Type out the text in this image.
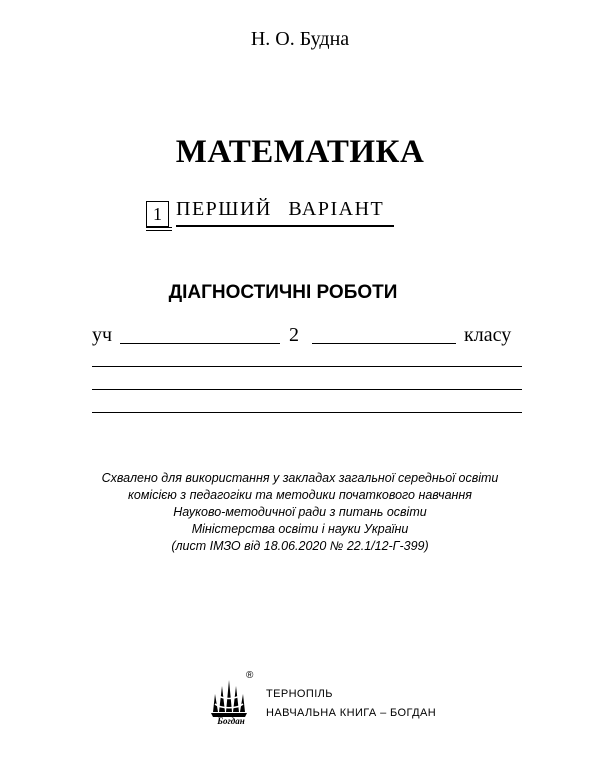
Н. О. Будна
МАТЕМАТИКА
1 ПЕРШИЙ ВАРІАНТ
ДІАГНОСТИЧНІ РОБОТИ
уч	2	класу
Схвалено для використання у закладах загальної середньої освіти
комісією з педагогіки та методики початкового навчання
Науково-методичної ради з питань освіти
Міністерства освіти і науки України
(лист ІМЗО від 18.06.2020 № 22.1/12-Г-399)
®
Богдан
ТЕРНОПІЛЬ
НАВЧАЛЬНА КНИГА – БОГДАН
